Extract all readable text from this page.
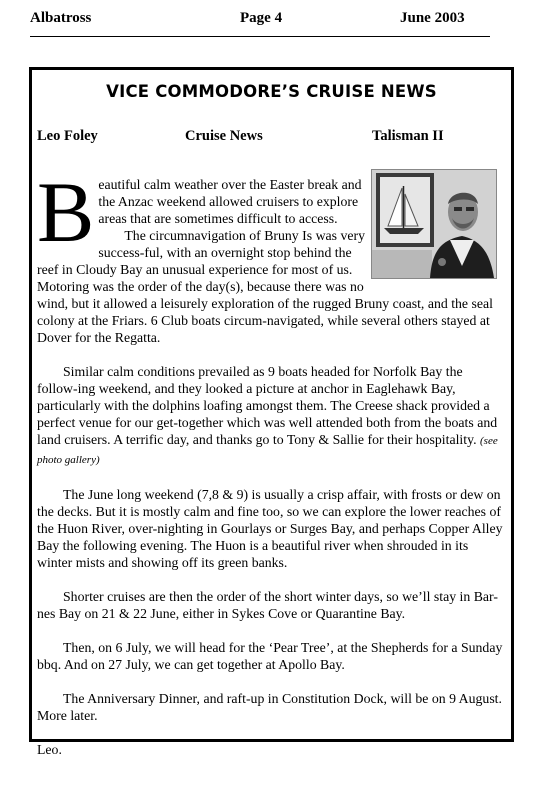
Albatross	Page 4	June 2003
VICE COMMODORE’S CRUISE NEWS
Leo Foley	Cruise News	Talisman II

B eautiful calm weather over the Easter break and the Anzac weekend allowed cruisers to explore areas that are sometimes difficult to access.
The circumnavigation of Bruny Is was very success-ful, with an overnight stop behind the reef in Cloudy Bay an unusual experience for most of us. Motoring was the order of the day(s), because there was no wind, but it allowed a leisurely exploration of the rugged Bruny coast, and the seal colony at the Friars. 6 Club boats circum-navigated, while several others stayed at Dover for the Regatta.

Similar calm conditions prevailed as 9 boats headed for Norfolk Bay the follow-ing weekend, and they looked a picture at anchor in Eaglehawk Bay, particularly with the dolphins loafing amongst them. The Creese shack provided a perfect venue for our get-together which was well attended both from the boats and land cruisers. A terrific day, and thanks go to Tony & Sallie for their hospitality. (see photo gallery)

The June long weekend (7,8 & 9) is usually a crisp affair, with frosts or dew on the decks. But it is mostly calm and fine too, so we can explore the lower reaches of the Huon River, over-nighting in Gourlays or Surges Bay, and perhaps Copper Alley Bay the following evening. The Huon is a beautiful river when shrouded in its winter mists and showing off its green banks.

Shorter cruises are then the order of the short winter days, so we’ll stay in Bar-nes Bay on 21 & 22 June, either in Sykes Cove or Quarantine Bay.

Then, on 6 July, we will head for the ‘Pear Tree’, at the Shepherds for a Sunday bbq. And on 27 July, we can get together at Apollo Bay.

The Anniversary Dinner, and raft-up in Constitution Dock, will be on 9 August. More later.

Leo.
